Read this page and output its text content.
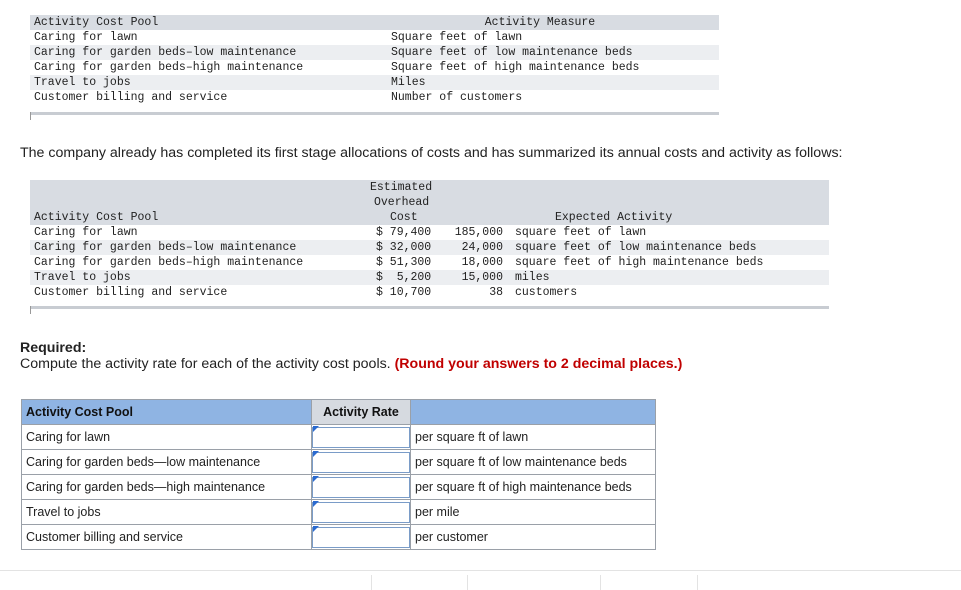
Activity Cost Pool	Activity Measure
Caring for lawn	Square feet of lawn
Caring for garden beds–low maintenance	Square feet of low maintenance beds
Caring for garden beds–high maintenance	Square feet of high maintenance beds
Travel to jobs	Miles
Customer billing and service	Number of customers
The company already has completed its first stage allocations of costs and has summarized its annual costs and activity as follows:
Estimated
Overhead
Cost
Activity Cost Pool	Expected Activity
Caring for lawn	$ 79,400	185,000 square feet of lawn
Caring for garden beds–low maintenance	$ 32,000	24,000 square feet of low maintenance beds
Caring for garden beds–high maintenance	$ 51,300	18,000 square feet of high maintenance beds
Travel to jobs	$  5,200	15,000 miles
Customer billing and service	$ 10,700	38 customers
Required:
Compute the activity rate for each of the activity cost pools. (Round your answers to 2 decimal places.)
Activity Cost Pool	Activity Rate	
Caring for lawn		per square ft of lawn
Caring for garden beds—low maintenance		per square ft of low maintenance beds
Caring for garden beds—high maintenance		per square ft of high maintenance beds
Travel to jobs		per mile
Customer billing and service		per customer
